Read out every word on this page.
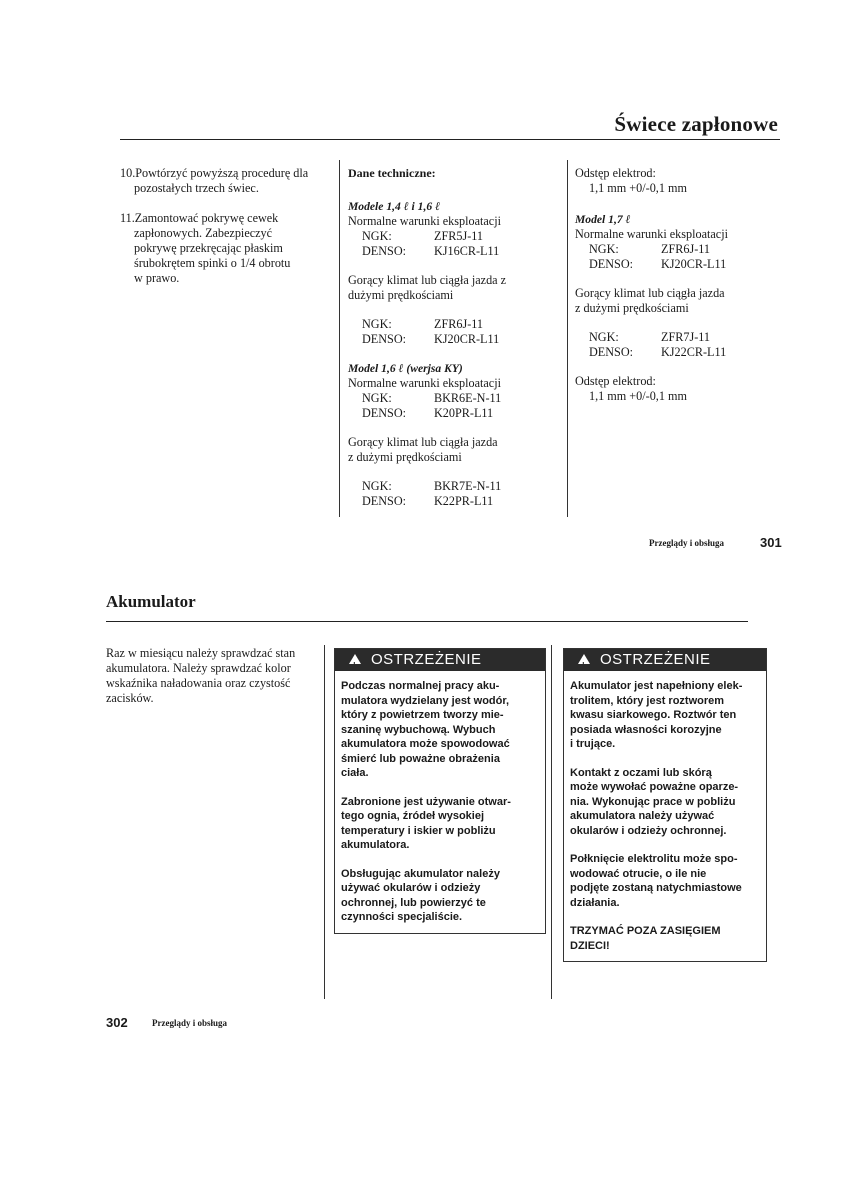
Świece zapłonowe
10.Powtórzyć powyższą procedurę dla
pozostałych trzech świec.
11.Zamontować pokrywę cewek
zapłonowych. Zabezpieczyć
pokrywę przekręcając płaskim
śrubokrętem spinki o 1/4 obrotu
w prawo.
Dane techniczne:
Modele 1,4 ℓ i 1,6 ℓ
Normalne warunki eksploatacji
NGK:	ZFR5J-11
DENSO:	KJ16CR-L11
Gorący klimat lub ciągła jazda z
dużymi prędkościami
NGK:	ZFR6J-11
DENSO:	KJ20CR-L11
Model 1,6 ℓ (werjsa KY)
Normalne warunki eksploatacji
NGK:	BKR6E-N-11
DENSO:	K20PR-L11
Gorący klimat lub ciągła jazda
z dużymi prędkościami
NGK:	BKR7E-N-11
DENSO:	K22PR-L11
Odstęp elektrod:
1,1 mm +0/-0,1 mm
Model 1,7 ℓ
Normalne warunki eksploatacji
NGK:	ZFR6J-11
DENSO:	KJ20CR-L11
Gorący klimat lub ciągła jazda
z dużymi prędkościami
NGK:	ZFR7J-11
DENSO:	KJ22CR-L11
Odstęp elektrod:
1,1 mm +0/-0,1 mm
Przeglądy i obsługa	301
Akumulator
Raz w miesiącu należy sprawdzać stan
akumulatora. Należy sprawdzać kolor
wskaźnika naładowania oraz czystość
zacisków.
!
OSTRZEŻENIE

Podczas normalnej pracy aku-
mulatora wydzielany jest wodór,
który z powietrzem tworzy mie-
szaninę wybuchową. Wybuch
akumulatora może spowodować
śmierć lub poważne obrażenia
ciała.

Zabronione jest używanie otwar-
tego ognia, źródeł wysokiej
temperatury i iskier w pobliżu
akumulatora.

Obsługując akumulator należy
używać okularów i odzieży
ochronnej, lub powierzyć te
czynności specjaliście.

!
OSTRZEŻENIE

Akumulator jest napełniony elek-
trolitem, który jest roztworem
kwasu siarkowego. Roztwór ten
posiada własności korozyjne
i trujące.

Kontakt z oczami lub skórą
może wywołać poważne oparze-
nia. Wykonując prace w pobliżu
akumulatora należy używać
okularów i odzieży ochronnej.

Połknięcie elektrolitu może spo-
wodować otrucie, o ile nie
podjęte zostaną natychmiastowe
działania.

TRZYMAĆ POZA ZASIĘGIEM
DZIECI!

302	Przeglądy i obsługa
